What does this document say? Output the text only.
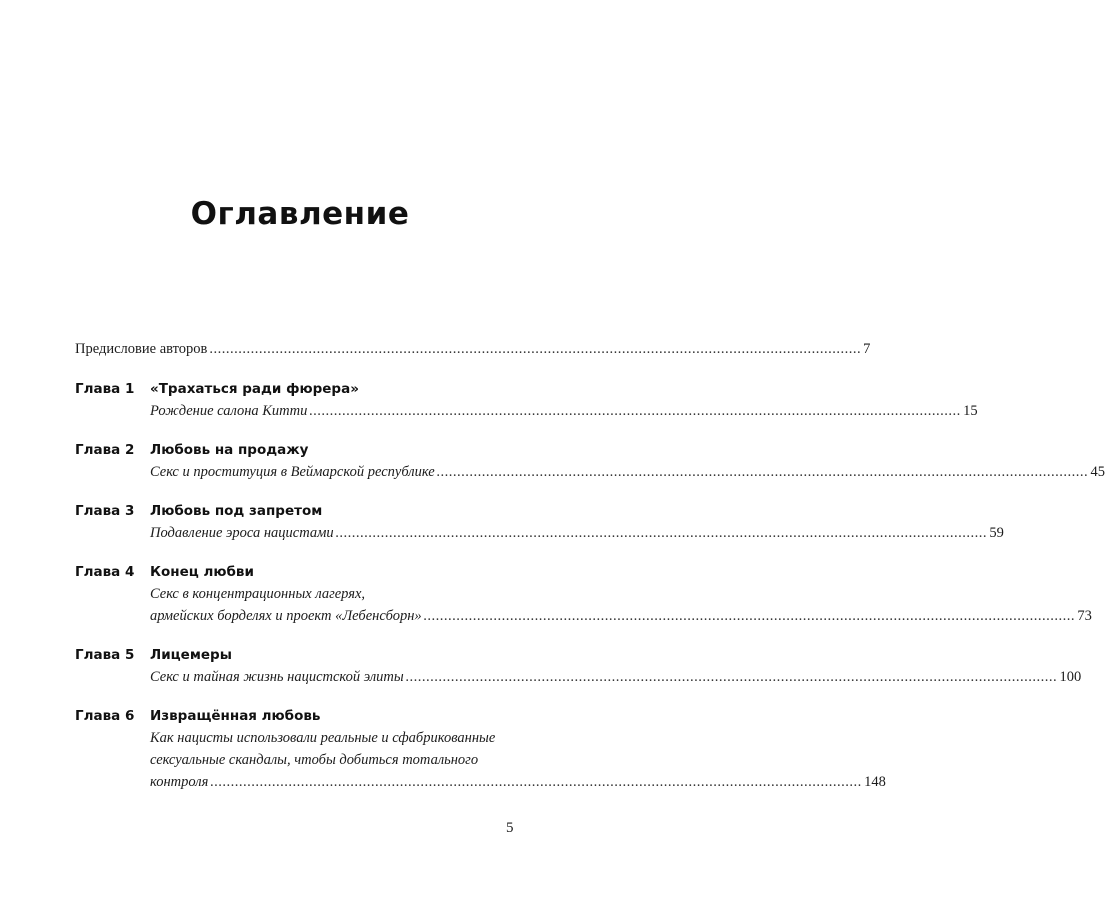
Оглавление
Предисловие авторов .....	7
Глава 1	«Трахаться ради фюрера»
Рождение салона Китти .....	15
Глава 2	Любовь на продажу
Секс и проституция в Веймарской республике .....	45
Глава 3	Любовь под запретом
Подавление эроса нацистами .....	59
Глава 4	Конец любви
Секс в концентрационных лагерях,
армейских борделях и проект «Лебенсборн» .....	73
Глава 5	Лицемеры
Секс и тайная жизнь нацистской элиты .....	100
Глава 6	Извращённая любовь
Как нацисты использовали реальные и сфабрикованные
сексуальные скандалы, чтобы добиться тотального
контроля .....	148
5
